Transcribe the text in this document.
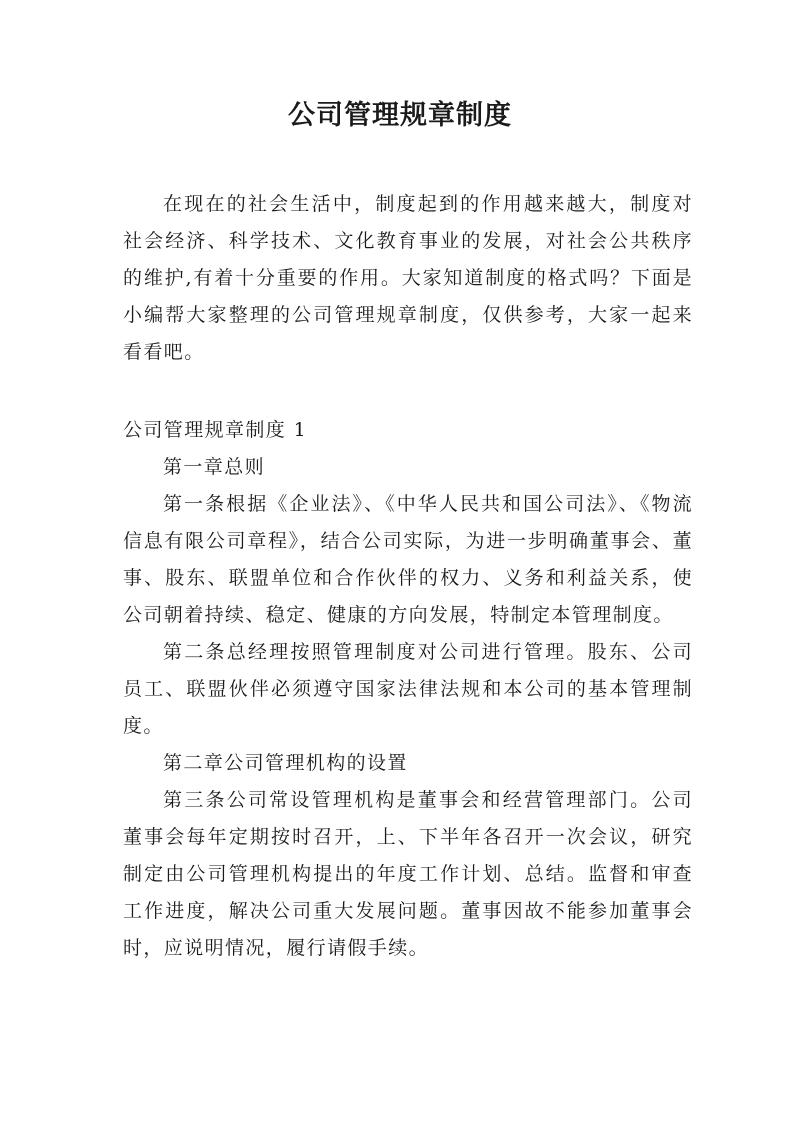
公司管理规章制度

在现在的社会生活中，制度起到的作用越来越大，制度对社会经济、科学技术、文化教育事业的发展，对社会公共秩序的维护,有着十分重要的作用。大家知道制度的格式吗？下面是小编帮大家整理的公司管理规章制度，仅供参考，大家一起来看看吧。

公司管理规章制度 1

第一章总则

第一条根据《企业法》、《中华人民共和国公司法》、《物流信息有限公司章程》，结合公司实际，为进一步明确董事会、董事、股东、联盟单位和合作伙伴的权力、义务和利益关系，使公司朝着持续、稳定、健康的方向发展，特制定本管理制度。

第二条总经理按照管理制度对公司进行管理。股东、公司员工、联盟伙伴必须遵守国家法律法规和本公司的基本管理制度。

第二章公司管理机构的设置

第三条公司常设管理机构是董事会和经营管理部门。公司董事会每年定期按时召开，上、下半年各召开一次会议，研究制定由公司管理机构提出的年度工作计划、总结。监督和审查工作进度，解决公司重大发展问题。董事因故不能参加董事会时，应说明情况，履行请假手续。
